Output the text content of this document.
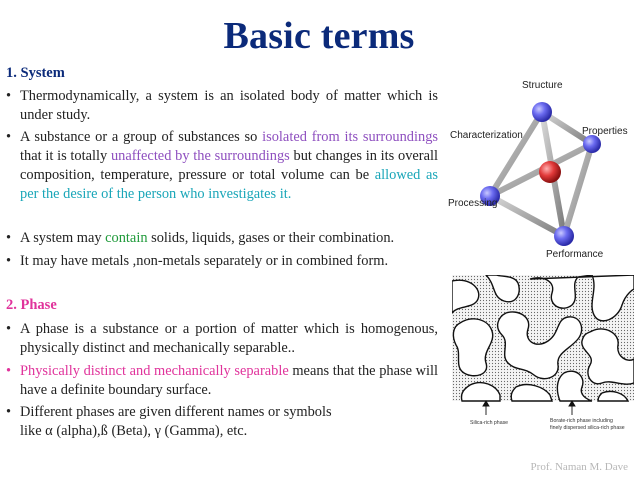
Basic terms
1. System
• Thermodynamically, a system is an isolated body of matter which is under study.
• A substance or a group of substances so isolated from its surroundings that it is totally unaffected by the surroundings but changes in its overall composition, temperature, pressure or total volume can be allowed as per the desire of the person who investigates it.
• A system may contain solids, liquids, gases or their combination.
• It may have metals ,non-metals separately or in combined form.
2. Phase
• A phase is a substance or a portion of matter which is homogenous, physically distinct and mechanically separable..
• Physically distinct and mechanically separable means that the phase will have a definite boundary surface.
• Different phases are given different names or symbols
like α (alpha),ß (Beta), γ (Gamma), etc.
Structure
Characterization	Properties
Processing
Performance
Silica-rich phase	Borate-rich phase including
finely dispersed silica-rich phase
Prof. Naman M. Dave
